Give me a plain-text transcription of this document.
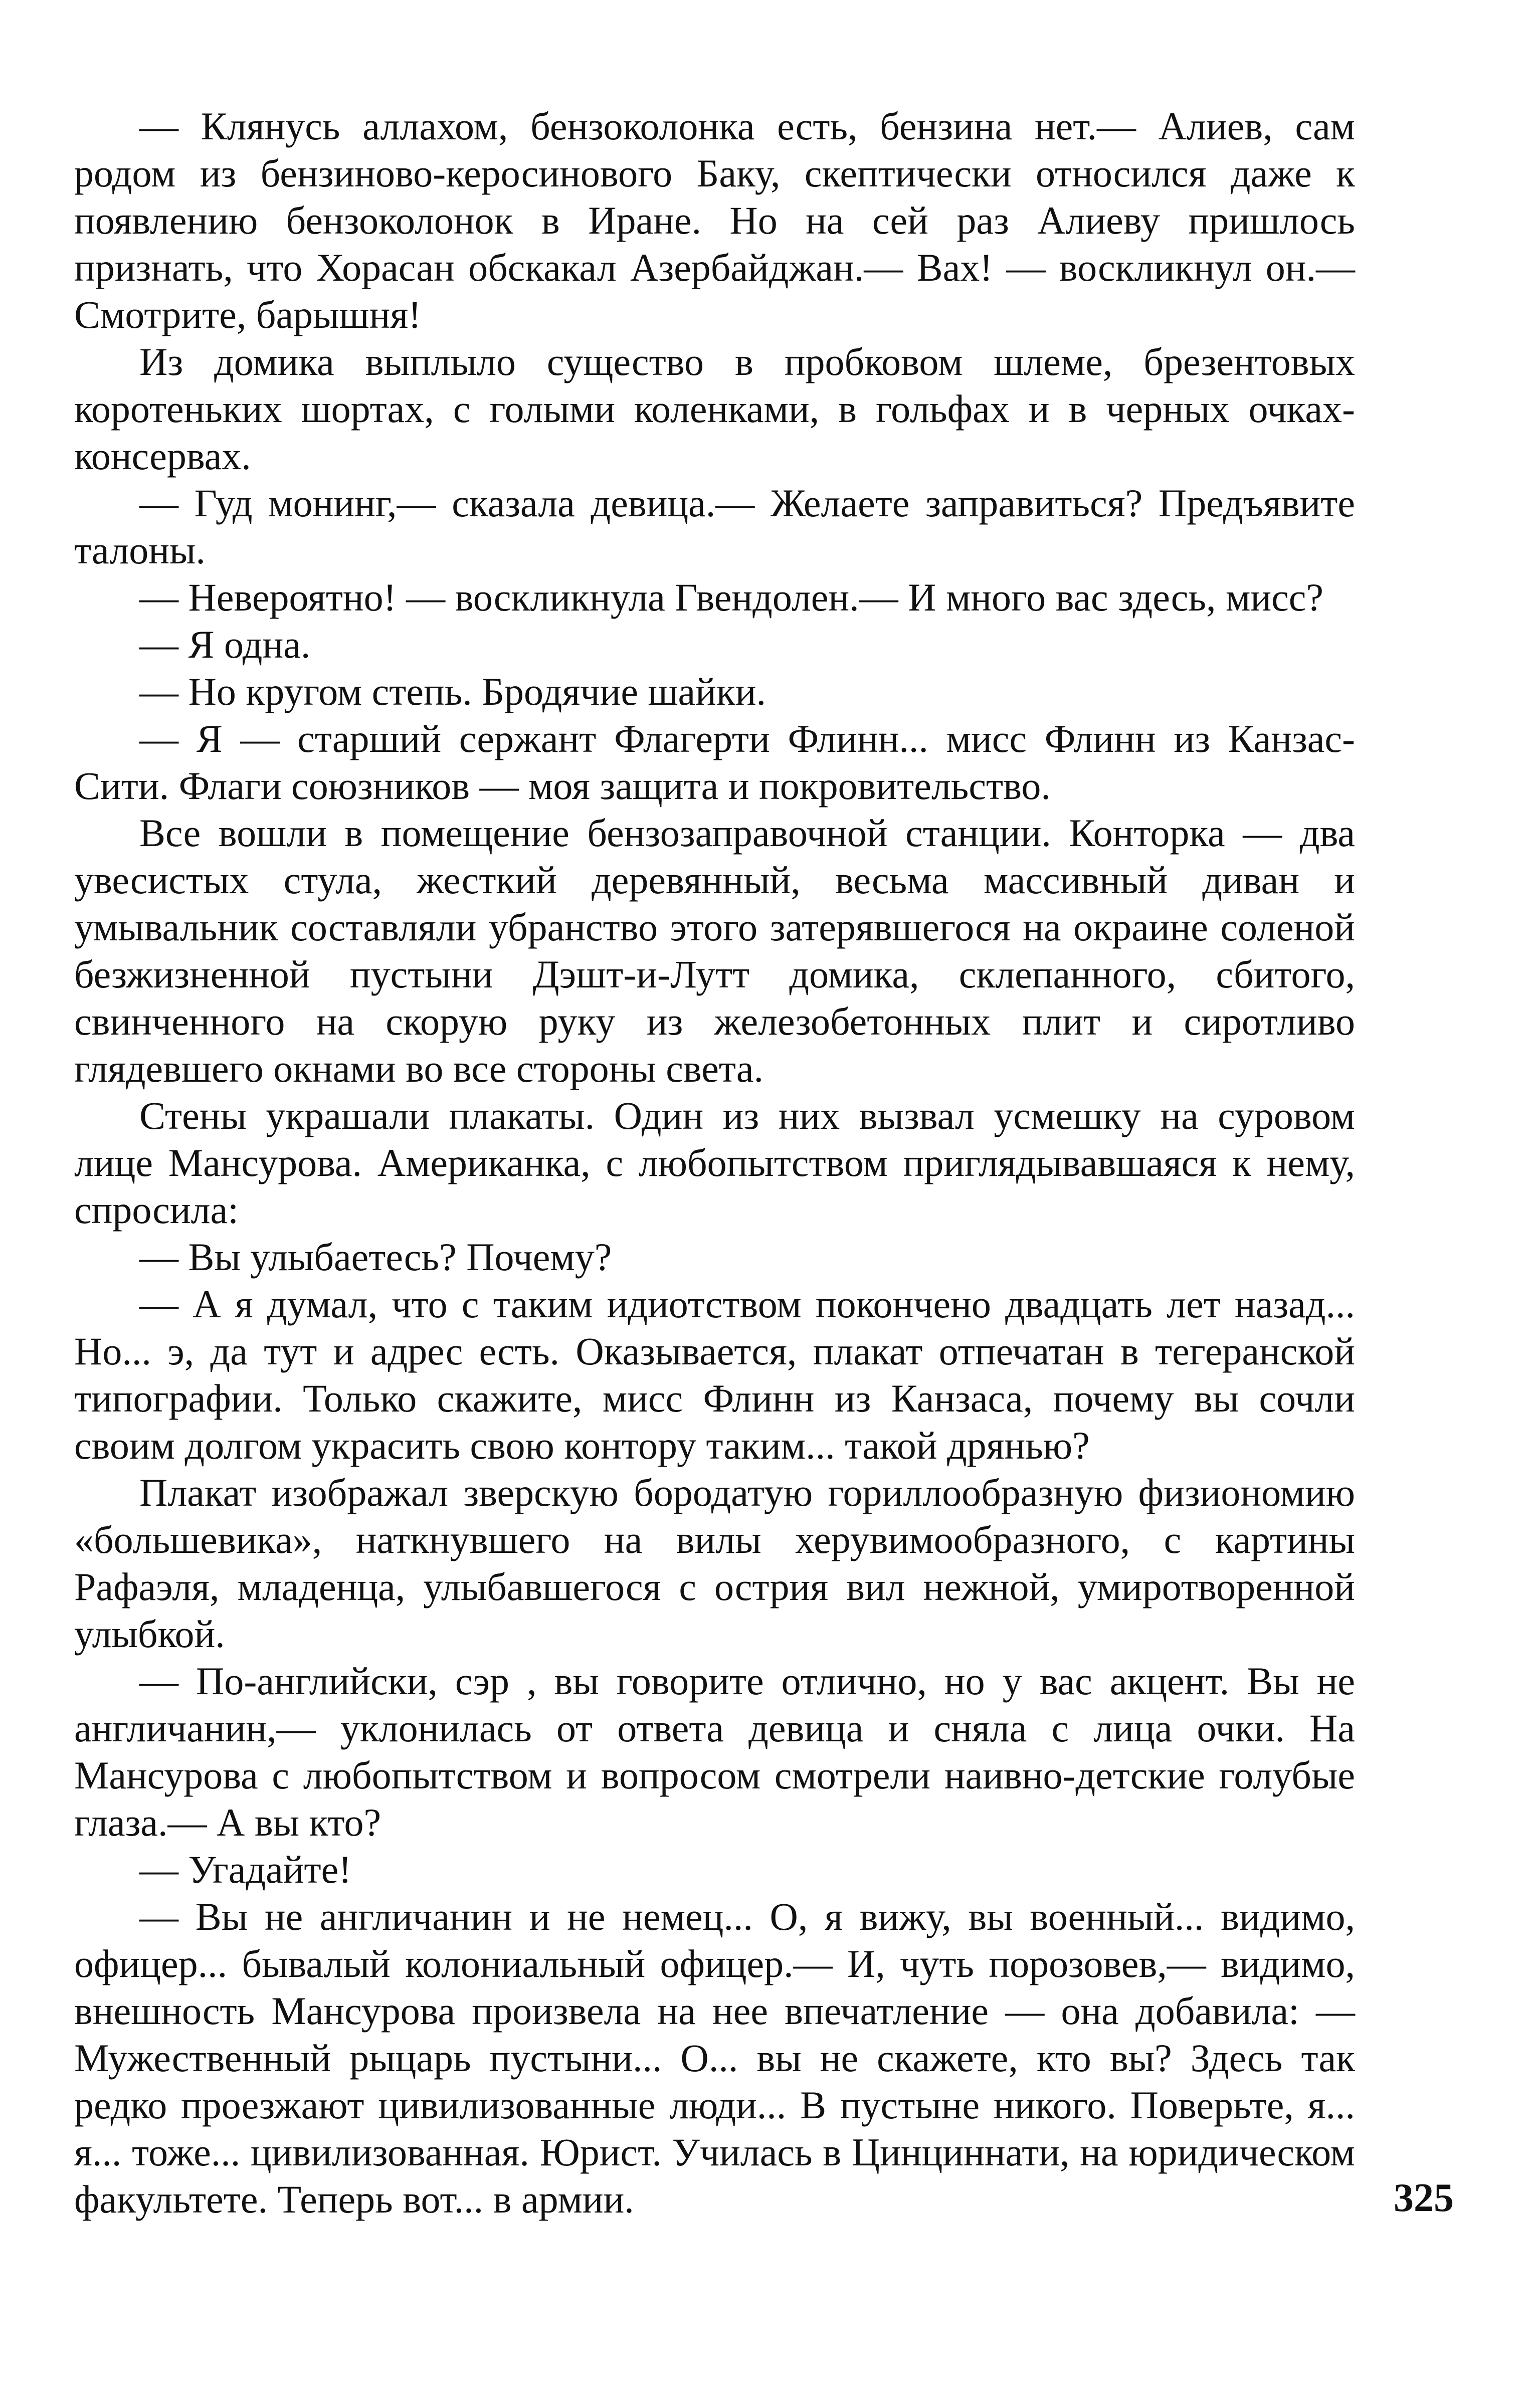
— Клянусь аллахом, бензоколонка есть, бензина нет.— Алиев, сам родом из бензиново-керосинового Баку, скептически относился даже к появлению бензоколонок в Иране. Но на сей раз Алиеву пришлось признать, что Хорасан обскакал Азербайджан.— Вах! — воскликнул он.— Смотрите, барышня!

Из домика выплыло существо в пробковом шлеме, брезентовых коротеньких шортах, с голыми коленками, в гольфах и в черных очках-консервах.

— Гуд монинг,— сказала девица.— Желаете заправиться? Предъявите талоны.

— Невероятно! — воскликнула Гвендолен.— И много вас здесь, мисс?

— Я одна.

— Но кругом степь. Бродячие шайки.

— Я — старший сержант Флагерти Флинн... мисс Флинн из Канзас-Сити. Флаги союзников — моя защита и покровительство.

Все вошли в помещение бензозаправочной станции. Конторка — два увесистых стула, жесткий деревянный, весьма массивный диван и умывальник составляли убранство этого затерявшегося на окраине соленой безжизненной пустыни Дэшт-и-Лутт домика, склепанного, сбитого, свинченного на скорую руку из железобетонных плит и сиротливо глядевшего окнами во все стороны света.

Стены украшали плакаты. Один из них вызвал усмешку на суровом лице Мансурова. Американка, с любопытством приглядывавшаяся к нему, спросила:

— Вы улыбаетесь? Почему?

— А я думал, что с таким идиотством покончено двадцать лет назад... Но... э, да тут и адрес есть. Оказывается, плакат отпечатан в тегеранской типографии. Только скажите, мисс Флинн из Канзаса, почему вы сочли своим долгом украсить свою контору таким... такой дрянью?

Плакат изображал зверскую бородатую гориллообразную физиономию «большевика», наткнувшего на вилы херувимообразного, с картины Рафаэля, младенца, улыбавшегося с острия вил нежной, умиротворенной улыбкой.

— По-английски, сэр , вы говорите отлично, но у вас акцент. Вы не англичанин,— уклонилась от ответа девица и сняла с лица очки. На Мансурова с любопытством и вопросом смотрели наивно-детские голубые глаза.— А вы кто?

— Угадайте!

— Вы не англичанин и не немец... О, я вижу, вы военный... видимо, офицер... бывалый колониальный офицер.— И, чуть порозовев,— видимо, внешность Мансурова произвела на нее впечатление — она добавила: — Мужественный рыцарь пустыни... О... вы не скажете, кто вы? Здесь так редко проезжают цивилизованные люди... В пустыне никого. Поверьте, я... я... тоже... цивилизованная. Юрист. Училась в Цинциннати, на юридическом факультете. Теперь вот... в армии.	325
